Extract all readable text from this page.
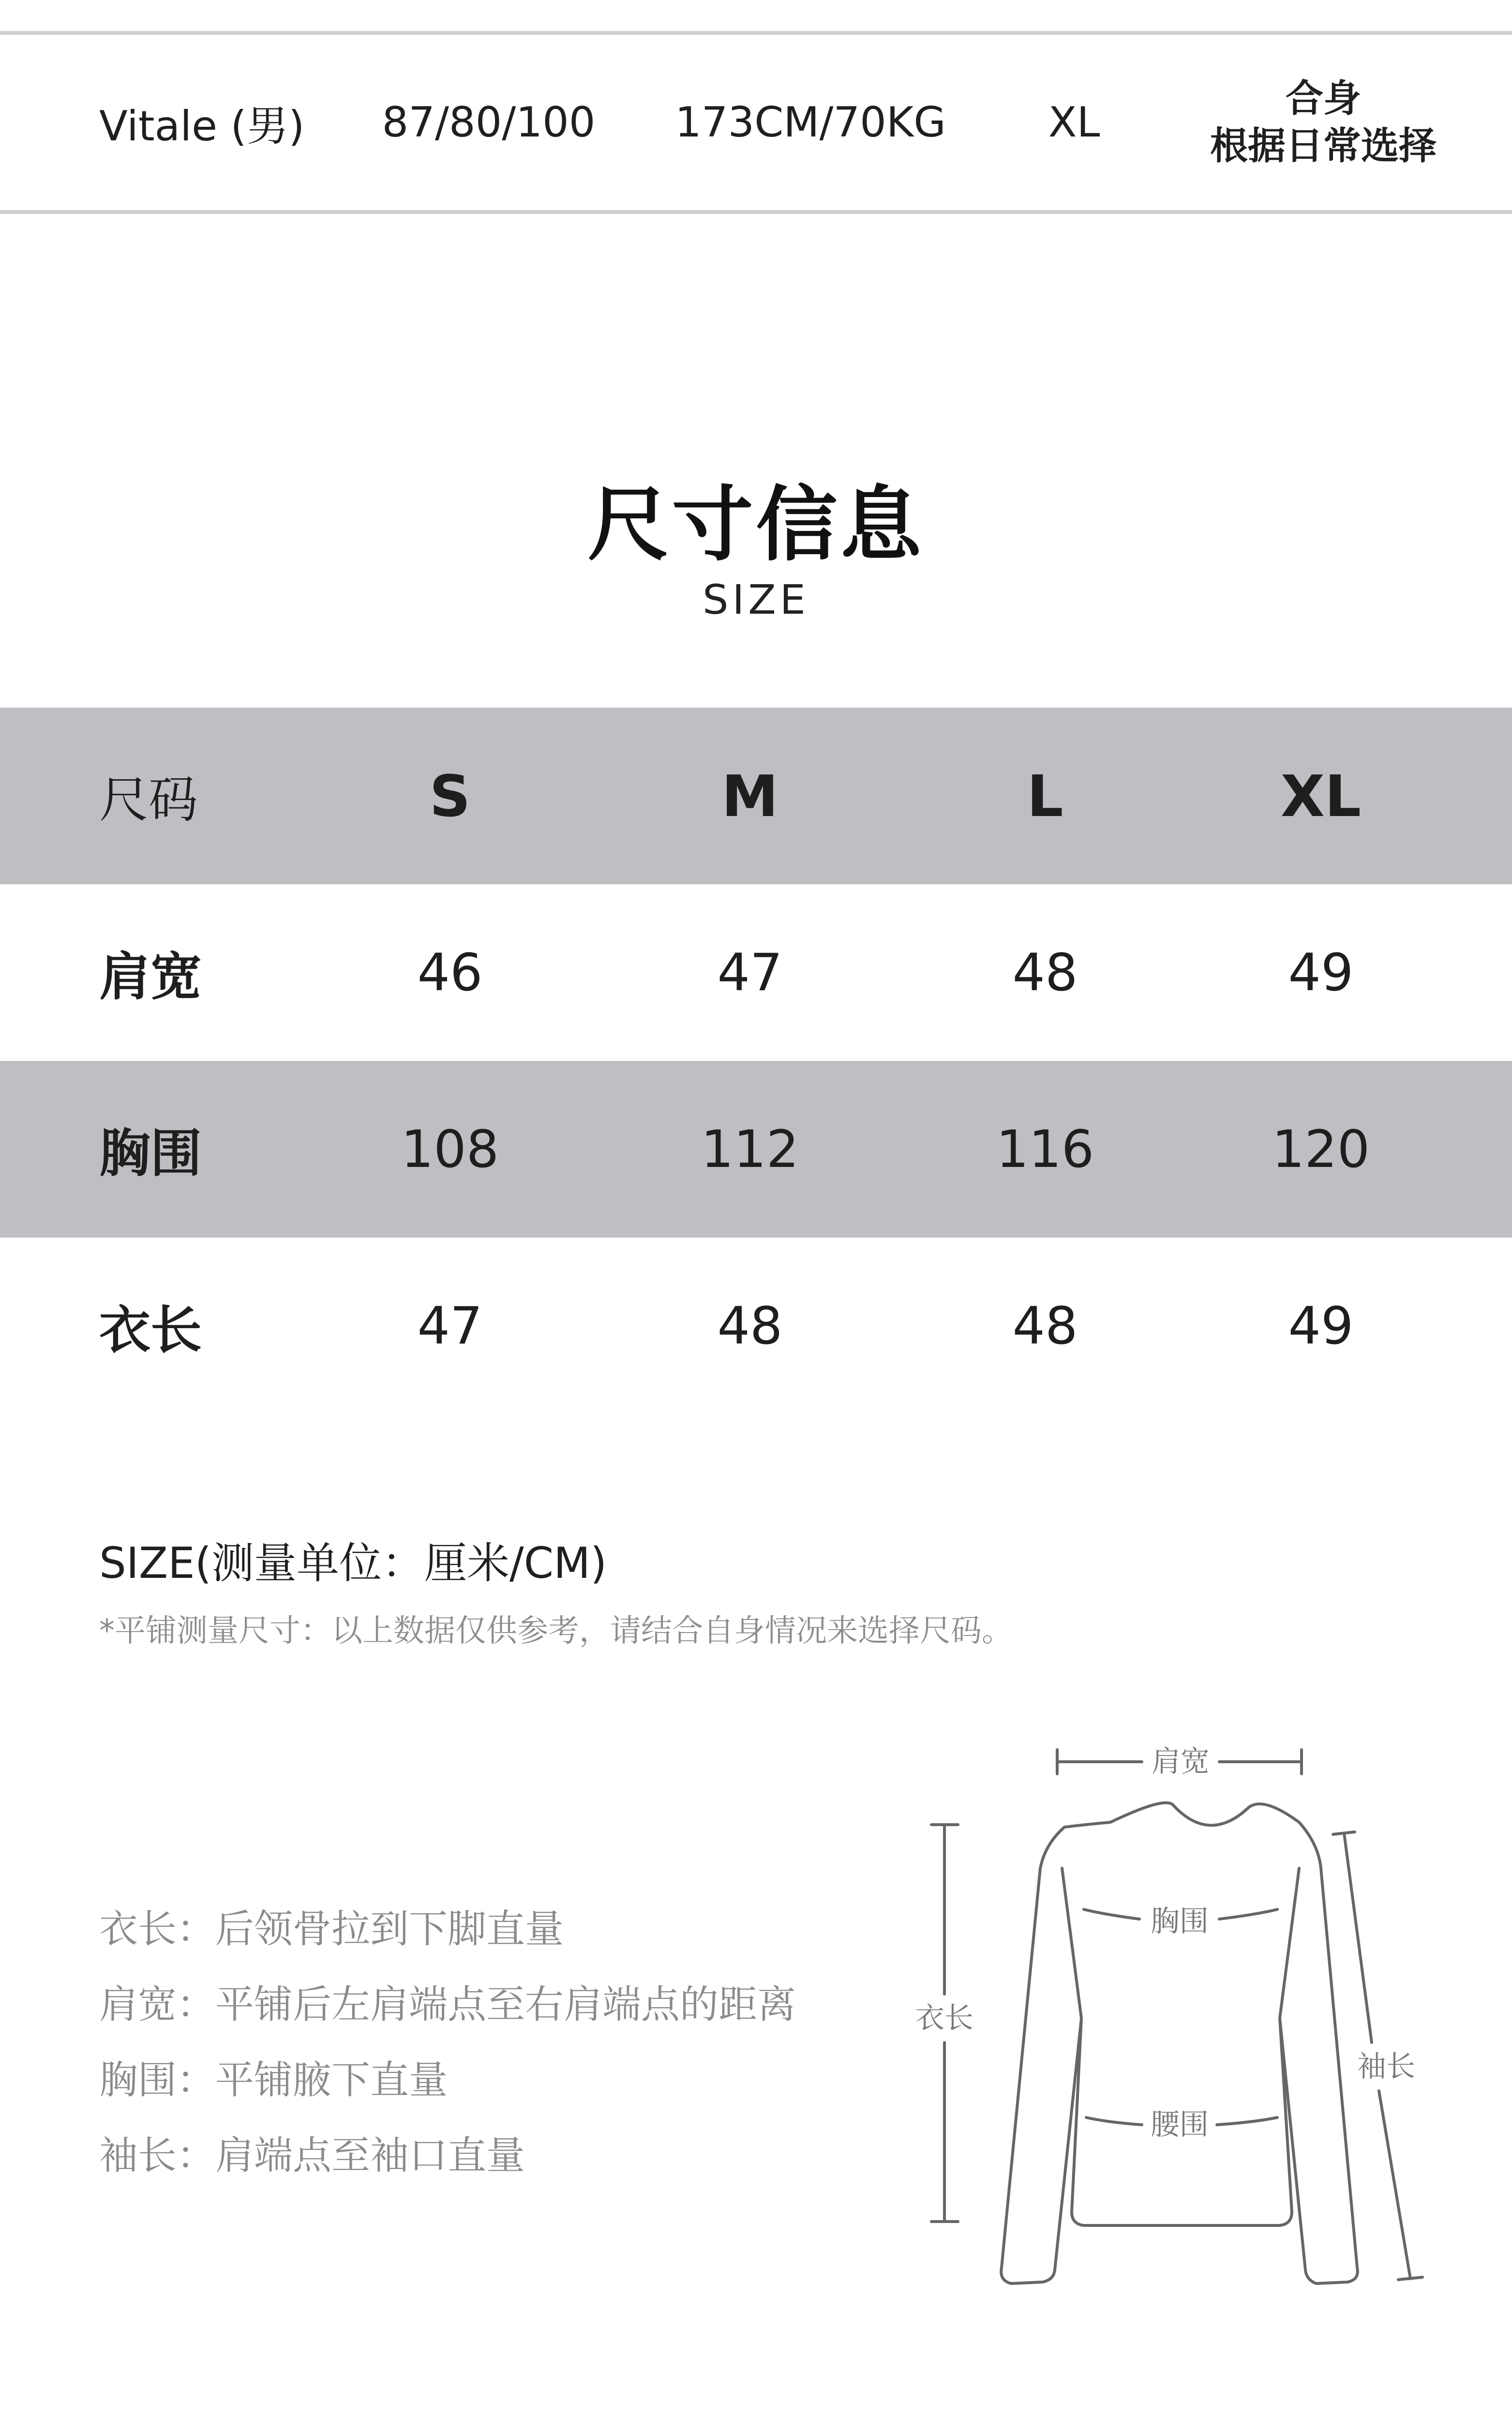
Vitale (男)	87/80/100	173CM/70KG	XL	合身
根据日常选择
尺寸信息
SIZE
尺码	S	M	L	XL
肩宽	46	47	48	49
胸围	108	112	116	120
衣长	47	48	48	49
SIZE(测量单位：厘米/CM)
*平铺测量尺寸：以上数据仅供参考，请结合自身情况来选择尺码。
衣长：后领骨拉到下脚直量
肩宽：平铺后左肩端点至右肩端点的距离
胸围：平铺腋下直量
袖长：肩端点至袖口直量
肩宽
胸围
衣长
腰围
袖长
